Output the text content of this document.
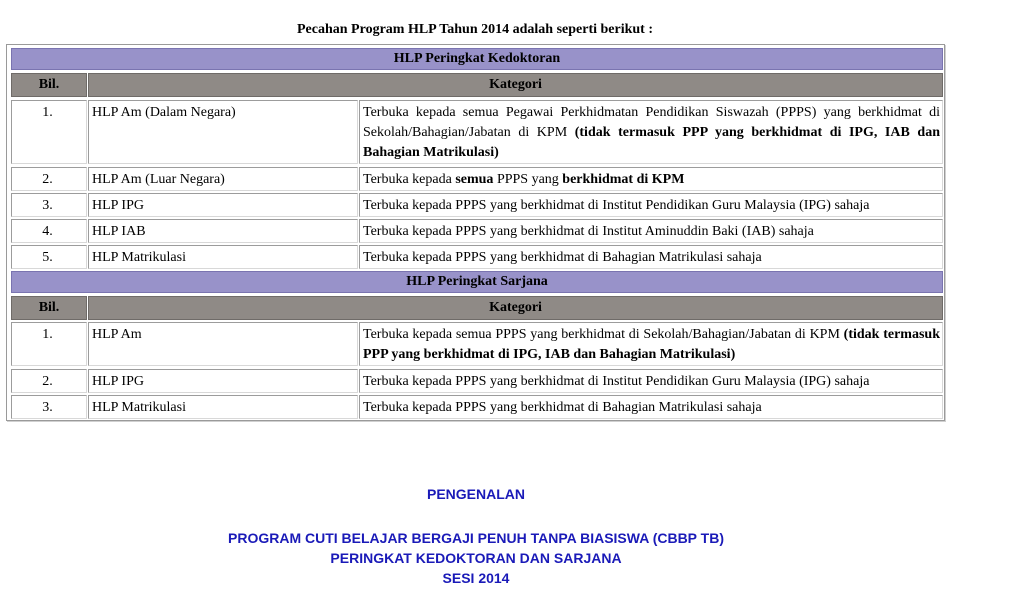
Pecahan Program HLP Tahun 2014 adalah seperti berikut :
HLP Peringkat Kedoktoran
Bil.	Kategori
1.	HLP Am (Dalam Negara)	Terbuka kepada semua Pegawai Perkhidmatan Pendidikan Siswazah (PPPS) yang berkhidmat di Sekolah/Bahagian/Jabatan di KPM (tidak termasuk PPP yang berkhidmat di IPG, IAB dan Bahagian Matrikulasi)
2.	HLP Am (Luar Negara)	Terbuka kepada semua PPPS yang berkhidmat di KPM
3.	HLP IPG	Terbuka kepada PPPS yang berkhidmat di Institut Pendidikan Guru Malaysia (IPG) sahaja
4.	HLP IAB	Terbuka kepada PPPS yang berkhidmat di Institut Aminuddin Baki (IAB) sahaja
5.	HLP Matrikulasi	Terbuka kepada PPPS yang berkhidmat di Bahagian Matrikulasi sahaja
HLP Peringkat Sarjana
Bil.	Kategori
1.	HLP Am	Terbuka kepada semua PPPS yang berkhidmat di Sekolah/Bahagian/Jabatan di KPM (tidak termasuk PPP yang berkhidmat di IPG, IAB dan Bahagian Matrikulasi)
2.	HLP IPG	Terbuka kepada PPPS yang berkhidmat di Institut Pendidikan Guru Malaysia (IPG) sahaja
3.	HLP Matrikulasi	Terbuka kepada PPPS yang berkhidmat di Bahagian Matrikulasi sahaja
PENGENALAN
PROGRAM CUTI BELAJAR BERGAJI PENUH TANPA BIASISWA (CBBP TB)
PERINGKAT KEDOKTORAN DAN SARJANA
SESI 2014
